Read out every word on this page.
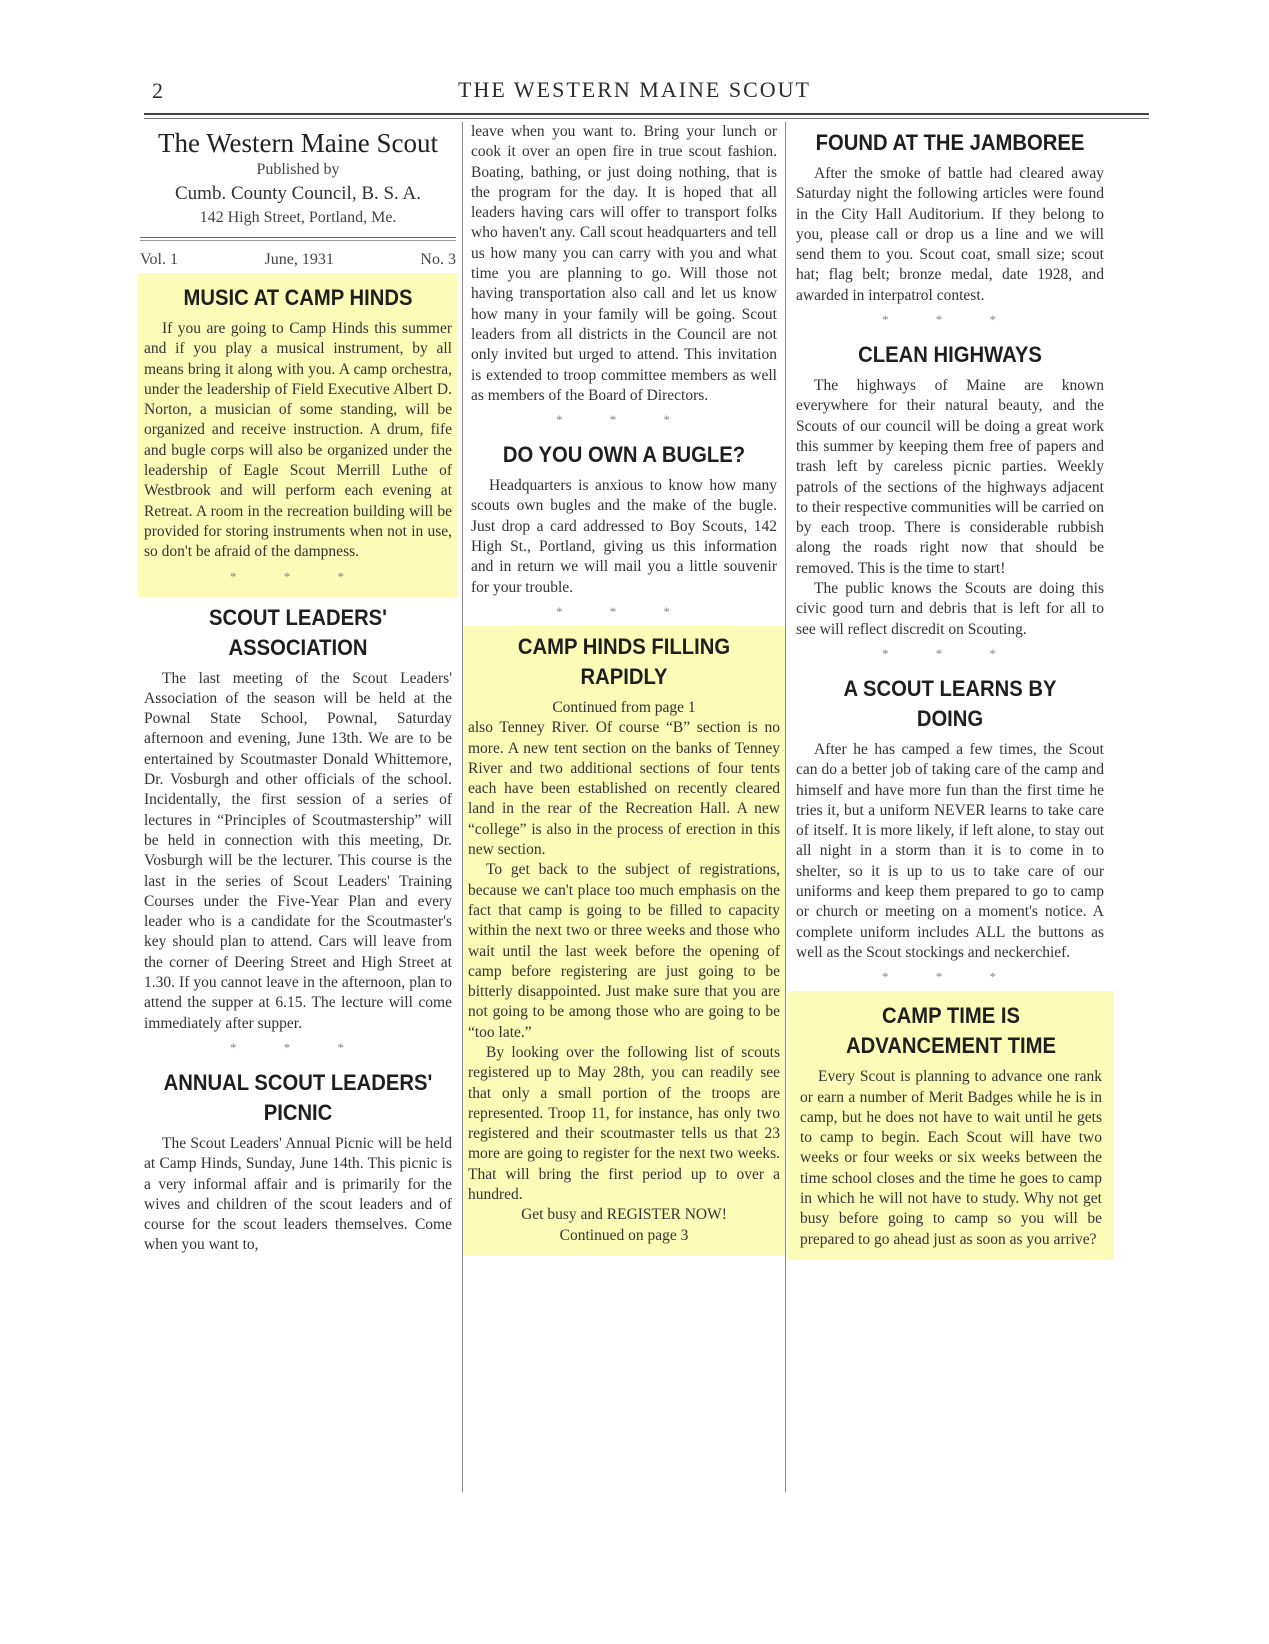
2	THE WESTERN MAINE SCOUT
The Western Maine Scout
Published by
Cumb. County Council, B. S. A.
142 High Street, Portland, Me.
Vol. 1	June, 1931	No. 3
MUSIC AT CAMP HINDS

If you are going to Camp Hinds this summer and if you play a musical instrument, by all means bring it along with you. A camp orchestra, under the leadership of Field Executive Albert D. Norton, a musician of some standing, will be organized and receive instruction. A drum, fife and bugle corps will also be organized under the leadership of Eagle Scout Merrill Luthe of Westbrook and will perform each evening at Retreat. A room in the recreation building will be provided for storing instruments when not in use, so don't be afraid of the dampness.

* * *
SCOUT LEADERS' ASSOCIATION

The last meeting of the Scout Leaders' Association of the season will be held at the Pownal State School, Pownal, Saturday afternoon and evening, June 13th. We are to be entertained by Scoutmaster Donald Whittemore, Dr. Vosburgh and other officials of the school. Incidentally, the first session of a series of lectures in “Principles of Scoutmastership” will be held in connection with this meeting, Dr. Vosburgh will be the lecturer. This course is the last in the series of Scout Leaders' Training Courses under the Five-Year Plan and every leader who is a candidate for the Scoutmaster's key should plan to attend. Cars will leave from the corner of Deering Street and High Street at 1.30. If you cannot leave in the afternoon, plan to attend the supper at 6.15. The lecture will come immediately after supper.

* * *
ANNUAL SCOUT LEADERS' PICNIC

The Scout Leaders' Annual Picnic will be held at Camp Hinds, Sunday, June 14th. This picnic is a very informal affair and is primarily for the wives and children of the scout leaders and of course for the scout leaders themselves. Come when you want to,

leave when you want to. Bring your lunch or cook it over an open fire in true scout fashion. Boating, bathing, or just doing nothing, that is the program for the day. It is hoped that all leaders having cars will offer to transport folks who haven't any. Call scout headquarters and tell us how many you can carry with you and what time you are planning to go. Will those not having transportation also call and let us know how many in your family will be going. Scout leaders from all districts in the Council are not only invited but urged to attend. This invitation is extended to troop committee members as well as members of the Board of Directors.

* * *
DO YOU OWN A BUGLE?

Headquarters is anxious to know how many scouts own bugles and the make of the bugle. Just drop a card addressed to Boy Scouts, 142 High St., Portland, giving us this information and in return we will mail you a little souvenir for your trouble.

* * *
CAMP HINDS FILLING RAPIDLY

Continued from page 1

also Tenney River. Of course “B” section is no more. A new tent section on the banks of Tenney River and two additional sections of four tents each have been established on recently cleared land in the rear of the Recreation Hall. A new “college” is also in the process of erection in this new section.

To get back to the subject of registrations, because we can't place too much emphasis on the fact that camp is going to be filled to capacity within the next two or three weeks and those who wait until the last week before the opening of camp before registering are just going to be bitterly disappointed. Just make sure that you are not going to be among those who are going to be “too late.”

By looking over the following list of scouts registered up to May 28th, you can readily see that only a small portion of the troops are represented. Troop 11, for instance, has only two registered and their scoutmaster tells us that 23 more are going to register for the next two weeks. That will bring the first period up to over a hundred.

Get busy and REGISTER NOW!

Continued on page 3

FOUND AT THE JAMBOREE

After the smoke of battle had cleared away Saturday night the following articles were found in the City Hall Auditorium. If they belong to you, please call or drop us a line and we will send them to you. Scout coat, small size; scout hat; flag belt; bronze medal, date 1928, and awarded in interpatrol contest.

* * *
CLEAN HIGHWAYS

The highways of Maine are known everywhere for their natural beauty, and the Scouts of our council will be doing a great work this summer by keeping them free of papers and trash left by careless picnic parties. Weekly patrols of the sections of the highways adjacent to their respective communities will be carried on by each troop. There is considerable rubbish along the roads right now that should be removed. This is the time to start!

The public knows the Scouts are doing this civic good turn and debris that is left for all to see will reflect discredit on Scouting.

* * *
A SCOUT LEARNS BY DOING

After he has camped a few times, the Scout can do a better job of taking care of the camp and himself and have more fun than the first time he tries it, but a uniform NEVER learns to take care of itself. It is more likely, if left alone, to stay out all night in a storm than it is to come in to shelter, so it is up to us to take care of our uniforms and keep them prepared to go to camp or church or meeting on a moment's notice. A complete uniform includes ALL the buttons as well as the Scout stockings and neckerchief.

* * *
CAMP TIME IS ADVANCEMENT TIME

Every Scout is planning to advance one rank or earn a number of Merit Badges while he is in camp, but he does not have to wait until he gets to camp to begin. Each Scout will have two weeks or four weeks or six weeks between the time school closes and the time he goes to camp in which he will not have to study. Why not get busy before going to camp so you will be prepared to go ahead just as soon as you arrive?
